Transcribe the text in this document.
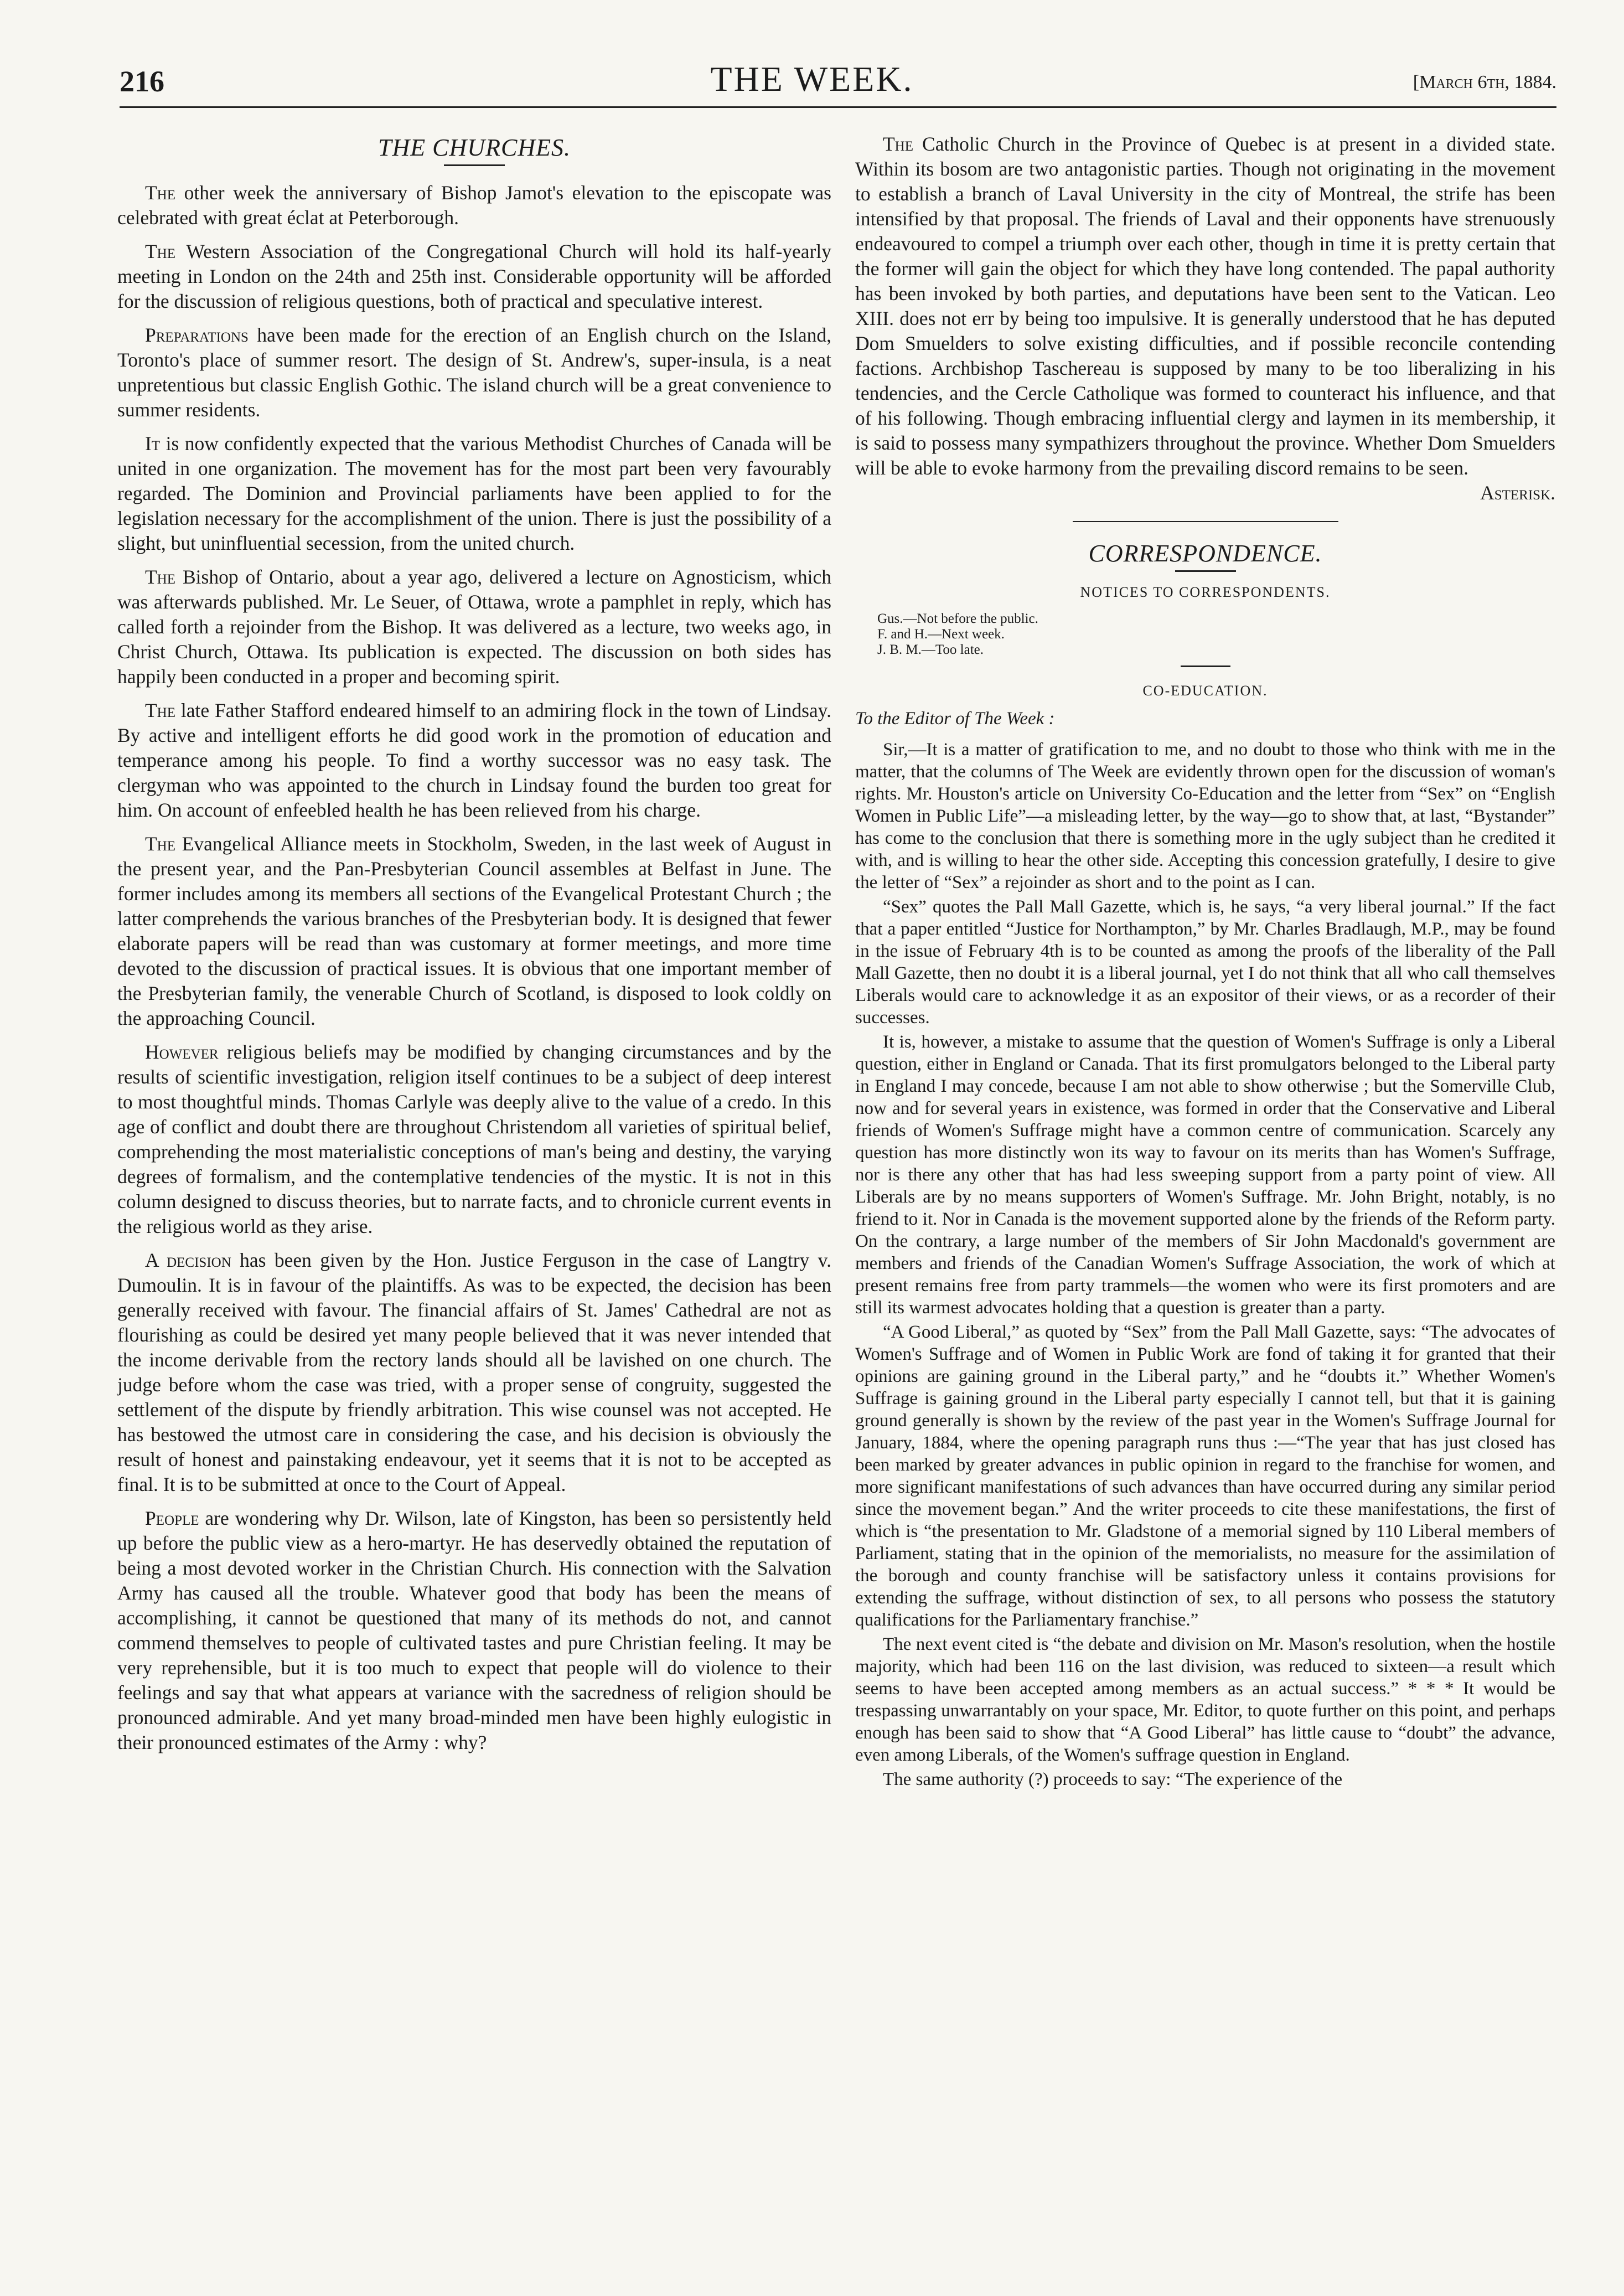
216	THE WEEK.	[March 6th, 1884.
THE CHURCHES.

The other week the anniversary of Bishop Jamot's elevation to the episcopate was celebrated with great éclat at Peterborough.

The Western Association of the Congregational Church will hold its half-yearly meeting in London on the 24th and 25th inst. Considerable opportunity will be afforded for the discussion of religious questions, both of practical and speculative interest.

Preparations have been made for the erection of an English church on the Island, Toronto's place of summer resort. The design of St. Andrew's, super-insula, is a neat unpretentious but classic English Gothic. The island church will be a great convenience to summer residents.

It is now confidently expected that the various Methodist Churches of Canada will be united in one organization. The movement has for the most part been very favourably regarded. The Dominion and Provincial parliaments have been applied to for the legislation necessary for the accomplishment of the union. There is just the possibility of a slight, but uninfluential secession, from the united church.

The Bishop of Ontario, about a year ago, delivered a lecture on Agnosticism, which was afterwards published. Mr. Le Seuer, of Ottawa, wrote a pamphlet in reply, which has called forth a rejoinder from the Bishop. It was delivered as a lecture, two weeks ago, in Christ Church, Ottawa. Its publication is expected. The discussion on both sides has happily been conducted in a proper and becoming spirit.

The late Father Stafford endeared himself to an admiring flock in the town of Lindsay. By active and intelligent efforts he did good work in the promotion of education and temperance among his people. To find a worthy successor was no easy task. The clergyman who was appointed to the church in Lindsay found the burden too great for him. On account of enfeebled health he has been relieved from his charge.

The Evangelical Alliance meets in Stockholm, Sweden, in the last week of August in the present year, and the Pan-Presbyterian Council assembles at Belfast in June. The former includes among its members all sections of the Evangelical Protestant Church ; the latter comprehends the various branches of the Presbyterian body. It is designed that fewer elaborate papers will be read than was customary at former meetings, and more time devoted to the discussion of practical issues. It is obvious that one important member of the Presbyterian family, the venerable Church of Scotland, is disposed to look coldly on the approaching Council.

However religious beliefs may be modified by changing circumstances and by the results of scientific investigation, religion itself continues to be a subject of deep interest to most thoughtful minds. Thomas Carlyle was deeply alive to the value of a credo. In this age of conflict and doubt there are throughout Christendom all varieties of spiritual belief, comprehending the most materialistic conceptions of man's being and destiny, the varying degrees of formalism, and the contemplative tendencies of the mystic. It is not in this column designed to discuss theories, but to narrate facts, and to chronicle current events in the religious world as they arise.

A decision has been given by the Hon. Justice Ferguson in the case of Langtry v. Dumoulin. It is in favour of the plaintiffs. As was to be expected, the decision has been generally received with favour. The financial affairs of St. James' Cathedral are not as flourishing as could be desired yet many people believed that it was never intended that the income derivable from the rectory lands should all be lavished on one church. The judge before whom the case was tried, with a proper sense of congruity, suggested the settlement of the dispute by friendly arbitration. This wise counsel was not accepted. He has bestowed the utmost care in considering the case, and his decision is obviously the result of honest and painstaking endeavour, yet it seems that it is not to be accepted as final. It is to be submitted at once to the Court of Appeal.

People are wondering why Dr. Wilson, late of Kingston, has been so persistently held up before the public view as a hero-martyr. He has deservedly obtained the reputation of being a most devoted worker in the Christian Church. His connection with the Salvation Army has caused all the trouble. Whatever good that body has been the means of accomplishing, it cannot be questioned that many of its methods do not, and cannot commend themselves to people of cultivated tastes and pure Christian feeling. It may be very reprehensible, but it is too much to expect that people will do violence to their feelings and say that what appears at variance with the sacredness of religion should be pronounced admirable. And yet many broad-minded men have been highly eulogistic in their pronounced estimates of the Army : why?

The Catholic Church in the Province of Quebec is at present in a divided state. Within its bosom are two antagonistic parties. Though not originating in the movement to establish a branch of Laval University in the city of Montreal, the strife has been intensified by that proposal. The friends of Laval and their opponents have strenuously endeavoured to compel a triumph over each other, though in time it is pretty certain that the former will gain the object for which they have long contended. The papal authority has been invoked by both parties, and deputations have been sent to the Vatican. Leo XIII. does not err by being too impulsive. It is generally understood that he has deputed Dom Smuelders to solve existing difficulties, and if possible reconcile contending factions. Archbishop Taschereau is supposed by many to be too liberalizing in his tendencies, and the Cercle Catholique was formed to counteract his influence, and that of his following. Though embracing influential clergy and laymen in its membership, it is said to possess many sympathizers throughout the province. Whether Dom Smuelders will be able to evoke harmony from the prevailing discord remains to be seen.
Asterisk.

CORRESPONDENCE.
NOTICES TO CORRESPONDENTS.
Gus.—Not before the public.
F. and H.—Next week.
J. B. M.—Too late.
CO-EDUCATION.

To the Editor of The Week :

Sir,—It is a matter of gratification to me, and no doubt to those who think with me in the matter, that the columns of The Week are evidently thrown open for the discussion of woman's rights. Mr. Houston's article on University Co-Education and the letter from “Sex” on “English Women in Public Life”—a misleading letter, by the way—go to show that, at last, “Bystander” has come to the conclusion that there is something more in the ugly subject than he credited it with, and is willing to hear the other side. Accepting this concession gratefully, I desire to give the letter of “Sex” a rejoinder as short and to the point as I can.

“Sex” quotes the Pall Mall Gazette, which is, he says, “a very liberal journal.” If the fact that a paper entitled “Justice for Northampton,” by Mr. Charles Bradlaugh, M.P., may be found in the issue of February 4th is to be counted as among the proofs of the liberality of the Pall Mall Gazette, then no doubt it is a liberal journal, yet I do not think that all who call themselves Liberals would care to acknowledge it as an expositor of their views, or as a recorder of their successes.

It is, however, a mistake to assume that the question of Women's Suffrage is only a Liberal question, either in England or Canada. That its first promulgators belonged to the Liberal party in England I may concede, because I am not able to show otherwise ; but the Somerville Club, now and for several years in existence, was formed in order that the Conservative and Liberal friends of Women's Suffrage might have a common centre of communication. Scarcely any question has more distinctly won its way to favour on its merits than has Women's Suffrage, nor is there any other that has had less sweeping support from a party point of view. All Liberals are by no means supporters of Women's Suffrage. Mr. John Bright, notably, is no friend to it. Nor in Canada is the movement supported alone by the friends of the Reform party. On the contrary, a large number of the members of Sir John Macdonald's government are members and friends of the Canadian Women's Suffrage Association, the work of which at present remains free from party trammels—the women who were its first promoters and are still its warmest advocates holding that a question is greater than a party.

“A Good Liberal,” as quoted by “Sex” from the Pall Mall Gazette, says: “The advocates of Women's Suffrage and of Women in Public Work are fond of taking it for granted that their opinions are gaining ground in the Liberal party,” and he “doubts it.” Whether Women's Suffrage is gaining ground in the Liberal party especially I cannot tell, but that it is gaining ground generally is shown by the review of the past year in the Women's Suffrage Journal for January, 1884, where the opening paragraph runs thus :—“The year that has just closed has been marked by greater advances in public opinion in regard to the franchise for women, and more significant manifestations of such advances than have occurred during any similar period since the movement began.” And the writer proceeds to cite these manifestations, the first of which is “the presentation to Mr. Gladstone of a memorial signed by 110 Liberal members of Parliament, stating that in the opinion of the memorialists, no measure for the assimilation of the borough and county franchise will be satisfactory unless it contains provisions for extending the suffrage, without distinction of sex, to all persons who possess the statutory qualifications for the Parliamentary franchise.”

The next event cited is “the debate and division on Mr. Mason's resolution, when the hostile majority, which had been 116 on the last division, was reduced to sixteen—a result which seems to have been accepted among members as an actual success.” * * * It would be trespassing unwarrantably on your space, Mr. Editor, to quote further on this point, and perhaps enough has been said to show that “A Good Liberal” has little cause to “doubt” the advance, even among Liberals, of the Women's suffrage question in England.

The same authority (?) proceeds to say: “The experience of the
